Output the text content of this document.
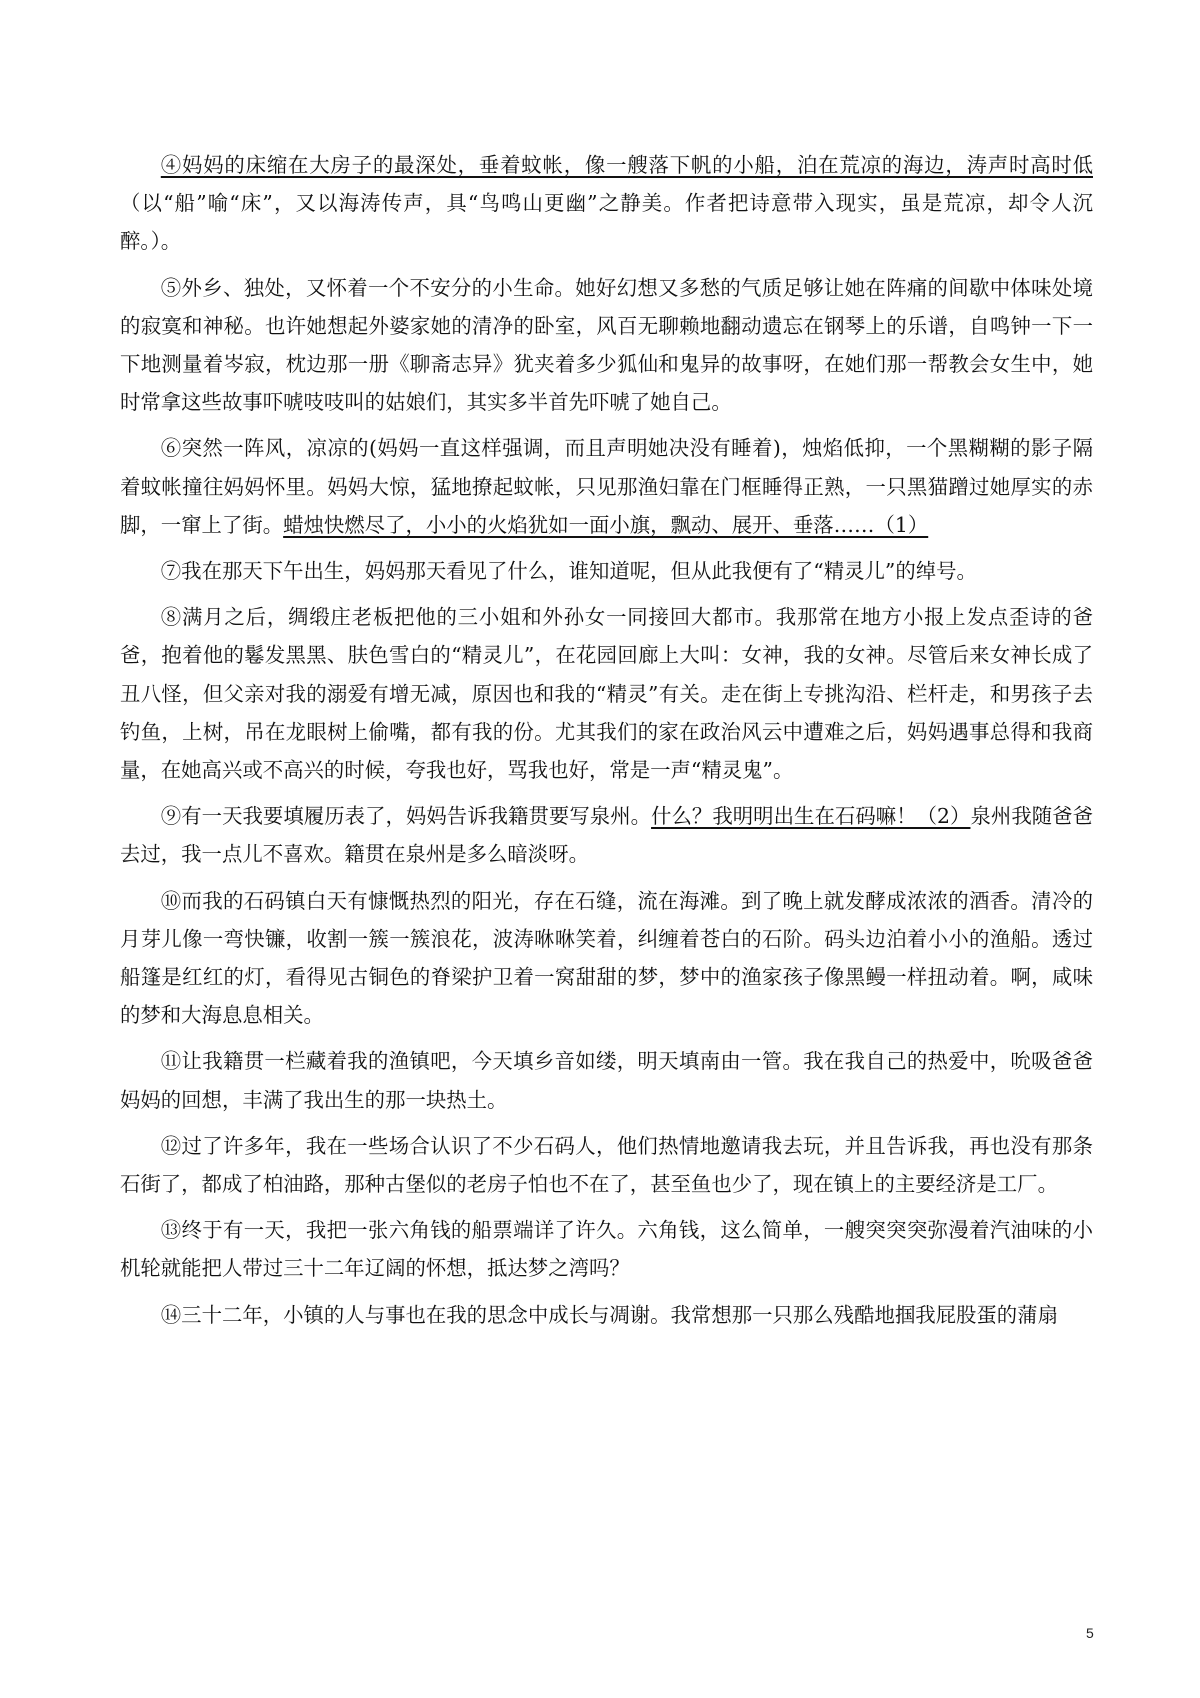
④妈妈的床缩在大房子的最深处，垂着蚊帐，像一艘落下帆的小船，泊在荒凉的海边，涛声时高时低（以“船”喻“床”，又以海涛传声，具“鸟鸣山更幽”之静美。作者把诗意带入现实，虽是荒凉，却令人沉醉。）。

⑤外乡、独处，又怀着一个不安分的小生命。她好幻想又多愁的气质足够让她在阵痛的间歇中体味处境的寂寞和神秘。也许她想起外婆家她的清净的卧室，风百无聊赖地翻动遗忘在钢琴上的乐谱，自鸣钟一下一下地测量着岑寂，枕边那一册《聊斋志异》犹夹着多少狐仙和鬼异的故事呀，在她们那一帮教会女生中，她时常拿这些故事吓唬吱吱叫的姑娘们，其实多半首先吓唬了她自己。

⑥突然一阵风，凉凉的(妈妈一直这样强调，而且声明她决没有睡着)，烛焰低抑，一个黑糊糊的影子隔着蚊帐撞往妈妈怀里。妈妈大惊，猛地撩起蚊帐，只见那渔妇靠在门框睡得正熟，一只黑猫蹭过她厚实的赤脚，一窜上了街。蜡烛快燃尽了，小小的火焰犹如一面小旗，飘动、展开、垂落……（1）

⑦我在那天下午出生，妈妈那天看见了什么，谁知道呢，但从此我便有了“精灵儿”的绰号。

⑧满月之后，绸缎庄老板把他的三小姐和外孙女一同接回大都市。我那常在地方小报上发点歪诗的爸爸，抱着他的鬈发黑黑、肤色雪白的“精灵儿”，在花园回廊上大叫：女神，我的女神。尽管后来女神长成了丑八怪，但父亲对我的溺爱有增无减，原因也和我的“精灵”有关。走在街上专挑沟沿、栏杆走，和男孩子去钓鱼，上树，吊在龙眼树上偷嘴，都有我的份。尤其我们的家在政治风云中遭难之后，妈妈遇事总得和我商量，在她高兴或不高兴的时候，夸我也好，骂我也好，常是一声“精灵鬼”。

⑨有一天我要填履历表了，妈妈告诉我籍贯要写泉州。什么？我明明出生在石码嘛！（2）泉州我随爸爸去过，我一点儿不喜欢。籍贯在泉州是多么暗淡呀。

⑩而我的石码镇白天有慷慨热烈的阳光，存在石缝，流在海滩。到了晚上就发酵成浓浓的酒香。清冷的月芽儿像一弯快镰，收割一簇一簇浪花，波涛咻咻笑着，纠缠着苍白的石阶。码头边泊着小小的渔船。透过船篷是红红的灯，看得见古铜色的脊梁护卫着一窝甜甜的梦，梦中的渔家孩子像黑鳗一样扭动着。啊，咸味的梦和大海息息相关。

⑪让我籍贯一栏藏着我的渔镇吧，今天填乡音如缕，明天填南由一管。我在我自己的热爱中，吮吸爸爸妈妈的回想，丰满了我出生的那一块热土。

⑫过了许多年，我在一些场合认识了不少石码人，他们热情地邀请我去玩，并且告诉我，再也没有那条石街了，都成了柏油路，那种古堡似的老房子怕也不在了，甚至鱼也少了，现在镇上的主要经济是工厂。

⑬终于有一天，我把一张六角钱的船票端详了许久。六角钱，这么简单，一艘突突突弥漫着汽油味的小机轮就能把人带过三十二年辽阔的怀想，抵达梦之湾吗？

⑭三十二年，小镇的人与事也在我的思念中成长与凋谢。我常想那一只那么残酷地掴我屁股蛋的蒲扇

5
